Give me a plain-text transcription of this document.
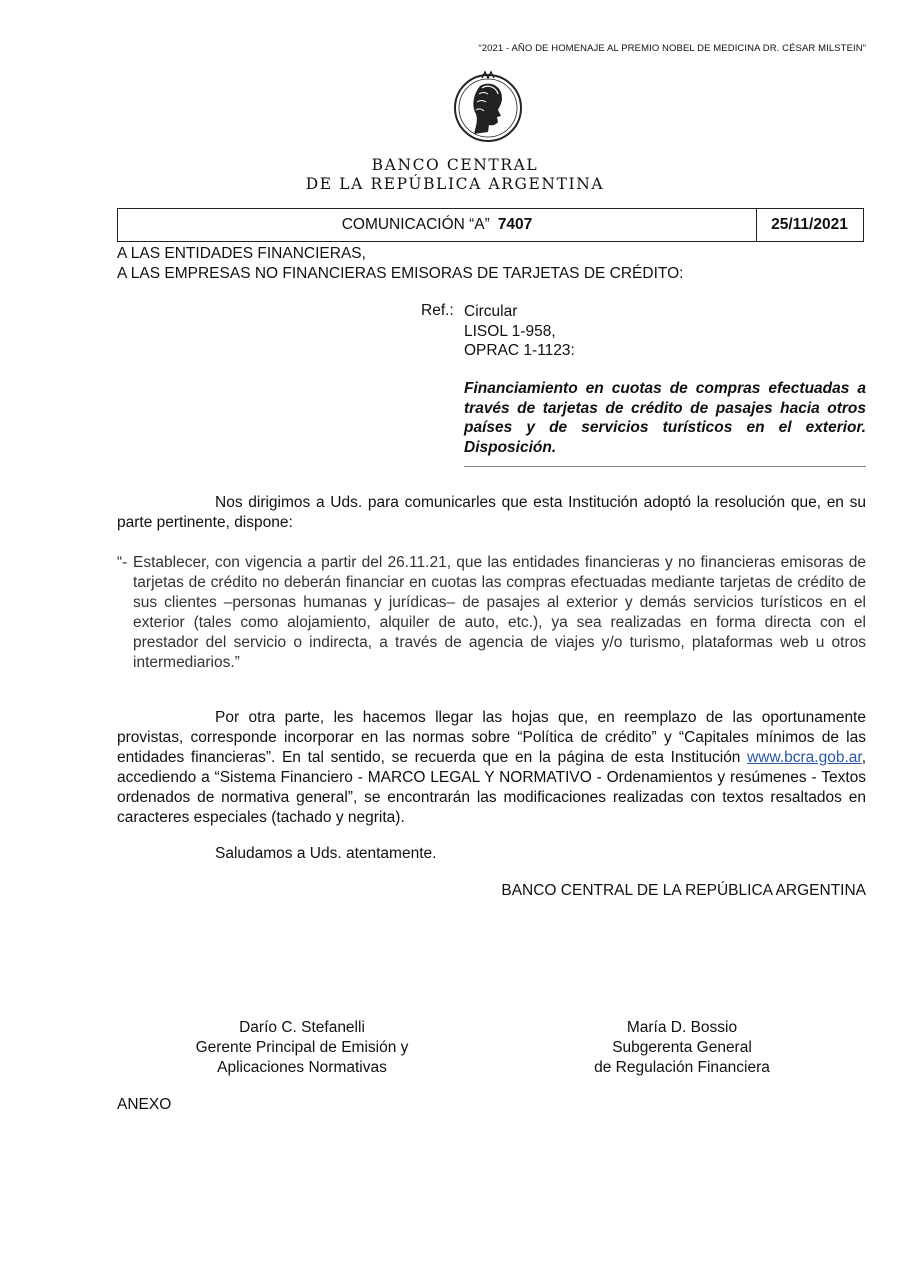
“2021 - AÑO DE HOMENAJE AL PREMIO NOBEL DE MEDICINA DR. CÉSAR MILSTEIN”
BANCO CENTRAL
DE LA REPÚBLICA ARGENTINA
COMUNICACIÓN “A” 7407	25/11/2021
A LAS ENTIDADES FINANCIERAS,
A LAS EMPRESAS NO FINANCIERAS EMISORAS DE TARJETAS DE CRÉDITO:
Ref.: Circular
LISOL 1-958,
OPRAC 1-1123:
Financiamiento en cuotas de compras efectuadas a través de tarjetas de crédito de pasajes hacia otros países y de servicios turísticos en el exterior. Disposición.
Nos dirigimos a Uds. para comunicarles que esta Institución adoptó la resolución que, en su parte pertinente, dispone:
“- Establecer, con vigencia a partir del 26.11.21, que las entidades financieras y no financieras emisoras de tarjetas de crédito no deberán financiar en cuotas las compras efectuadas mediante tarjetas de crédito de sus clientes –personas humanas y jurídicas– de pasajes al exterior y demás servicios turísticos en el exterior (tales como alojamiento, alquiler de auto, etc.), ya sea realizadas en forma directa con el prestador del servicio o indirecta, a través de agencia de viajes y/o turismo, plataformas web u otros intermediarios.”
Por otra parte, les hacemos llegar las hojas que, en reemplazo de las oportunamente provistas, corresponde incorporar en las normas sobre “Política de crédito” y “Capitales mínimos de las entidades financieras”. En tal sentido, se recuerda que en la página de esta Institución www.bcra.gob.ar, accediendo a “Sistema Financiero - MARCO LEGAL Y NORMATIVO - Ordenamientos y resúmenes - Textos ordenados de normativa general”, se encontrarán las modificaciones realizadas con textos resaltados en caracteres especiales (tachado y negrita).
Saludamos a Uds. atentamente.
BANCO CENTRAL DE LA REPÚBLICA ARGENTINA
Darío C. Stefanelli
Gerente Principal de Emisión y
Aplicaciones Normativas
María D. Bossio
Subgerenta General
de Regulación Financiera
ANEXO
